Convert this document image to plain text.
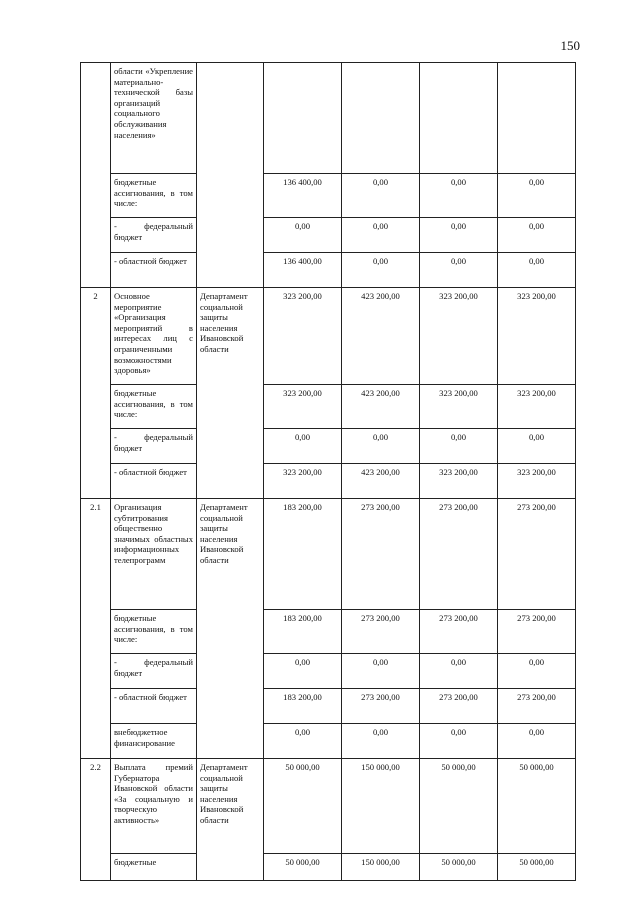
150
	области «Укрепление материально-технической базы организаций социального обслуживания населения»					
	бюджетные ассигнования, в том числе:		136 400,00	0,00	0,00	0,00
	- федеральный бюджет		0,00	0,00	0,00	0,00
	- областной бюджет		136 400,00	0,00	0,00	0,00
2	Основное мероприятие «Организация мероприятий в интересах лиц с ограниченными возможностями здоровья»	Департамент социальной защиты населения Ивановской области	323 200,00	423 200,00	323 200,00	323 200,00
	бюджетные ассигнования, в том числе:		323 200,00	423 200,00	323 200,00	323 200,00
	- федеральный бюджет		0,00	0,00	0,00	0,00
	- областной бюджет		323 200,00	423 200,00	323 200,00	323 200,00
2.1	Организация субтитрования общественно значимых областных информационных телепрограмм	Департамент социальной защиты населения Ивановской области	183 200,00	273 200,00	273 200,00	273 200,00
	бюджетные ассигнования, в том числе:		183 200,00	273 200,00	273 200,00	273 200,00
	- федеральный бюджет		0,00	0,00	0,00	0,00
	- областной бюджет		183 200,00	273 200,00	273 200,00	273 200,00
	внебюджетное финансирование		0,00	0,00	0,00	0,00
2.2	Выплата премий Губернатора Ивановской области «За социальную и творческую активность»	Департамент социальной защиты населения Ивановской области	50 000,00	150 000,00	50 000,00	50 000,00
	бюджетные		50 000,00	150 000,00	50 000,00	50 000,00
